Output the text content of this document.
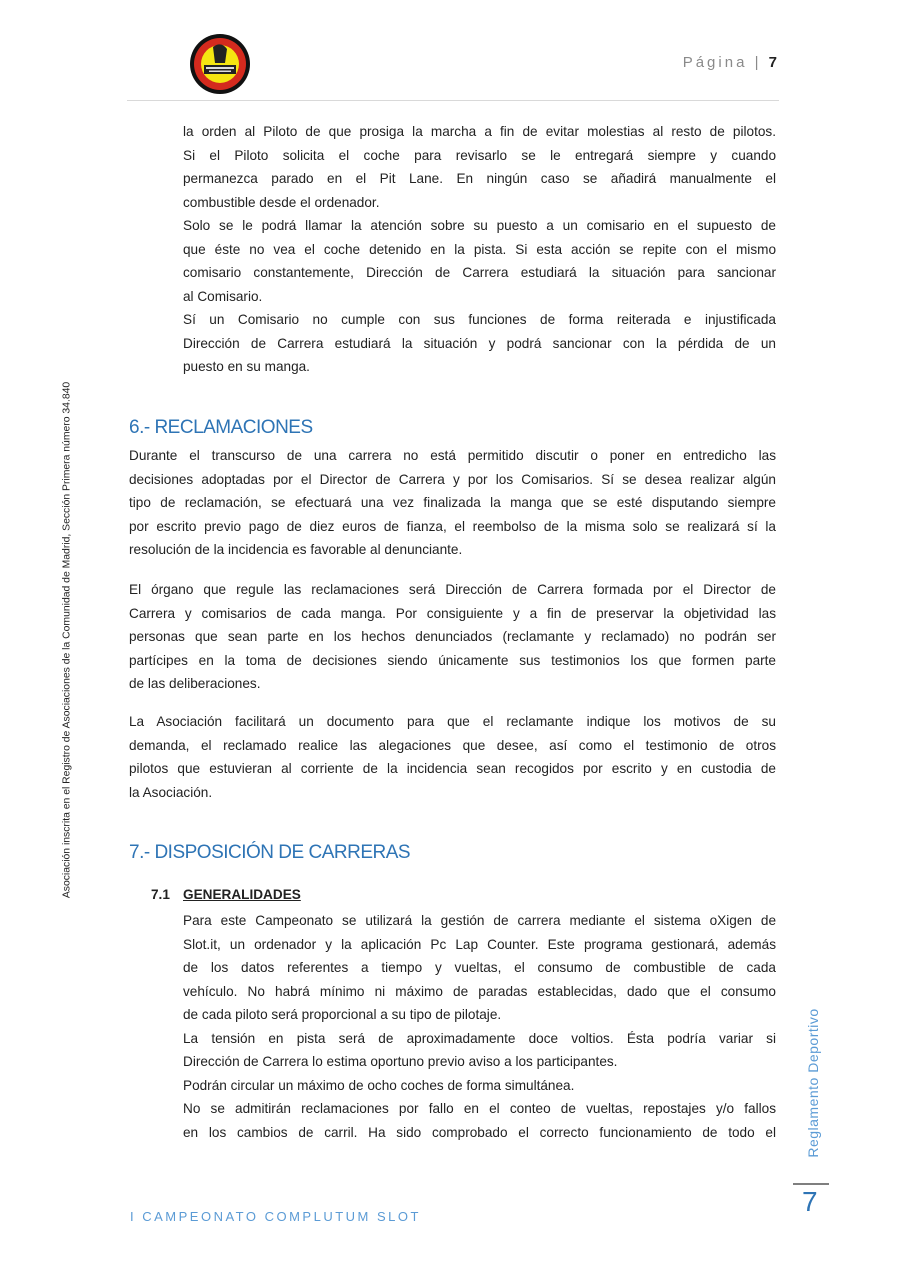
Página | 7
Asociación inscrita en el Registro de Asociaciones de la Comunidad de Madrid, Sección Primera número 34.840
la orden al Piloto de que prosiga la marcha a fin de evitar molestias al resto de pilotos.
Si el Piloto solicita el coche para revisarlo se le entregará siempre y cuando
permanezca parado en el Pit Lane. En ningún caso se añadirá manualmente el
combustible desde el ordenador.
Solo se le podrá llamar la atención sobre su puesto a un comisario en el supuesto de
que éste no vea el coche detenido en la pista. Si esta acción se repite con el mismo
comisario constantemente, Dirección de Carrera estudiará la situación para sancionar
al Comisario.
Sí un Comisario no cumple con sus funciones de forma reiterada e injustificada
Dirección de Carrera estudiará la situación y podrá sancionar con la pérdida de un
puesto en su manga.
Durante el transcurso de una carrera no está permitido discutir o poner en entredicho las
decisiones adoptadas por el Director de Carrera y por los Comisarios. Sí se desea realizar algún
tipo de reclamación, se efectuará una vez finalizada la manga que se esté disputando siempre
por escrito previo pago de diez euros de fianza, el reembolso de la misma solo se realizará sí la
resolución de la incidencia es favorable al denunciante.
El órgano que regule las reclamaciones será Dirección de Carrera formada por el Director de
Carrera y comisarios de cada manga. Por consiguiente y a fin de preservar la objetividad las
personas que sean parte en los hechos denunciados (reclamante y reclamado) no podrán ser
partícipes en la toma de decisiones siendo únicamente sus testimonios los que formen parte
de las deliberaciones.
La Asociación facilitará un documento para que el reclamante indique los motivos de su
demanda, el reclamado realice las alegaciones que desee, así como el testimonio de otros
pilotos que estuvieran al corriente de la incidencia sean recogidos por escrito y en custodia de
la Asociación.
Para este Campeonato se utilizará la gestión de carrera mediante el sistema oXigen de
Slot.it, un ordenador y la aplicación Pc Lap Counter. Este programa gestionará, además
de los datos referentes a tiempo y vueltas, el consumo de combustible de cada
vehículo. No habrá mínimo ni máximo de paradas establecidas, dado que el consumo
de cada piloto será proporcional a su tipo de pilotaje.
La tensión en pista será de aproximadamente doce voltios. Ésta podría variar si
Dirección de Carrera lo estima oportuno previo aviso a los participantes.
Podrán circular un máximo de ocho coches de forma simultánea.
No se admitirán reclamaciones por fallo en el conteo de vueltas, repostajes y/o fallos
en los cambios de carril. Ha sido comprobado el correcto funcionamiento de todo el
6.- RECLAMACIONES
7.- DISPOSICIÓN DE CARRERAS
7.1 GENERALIDADES
Reglamento Deportivo
7
I CAMPEONATO COMPLUTUM SLOT
